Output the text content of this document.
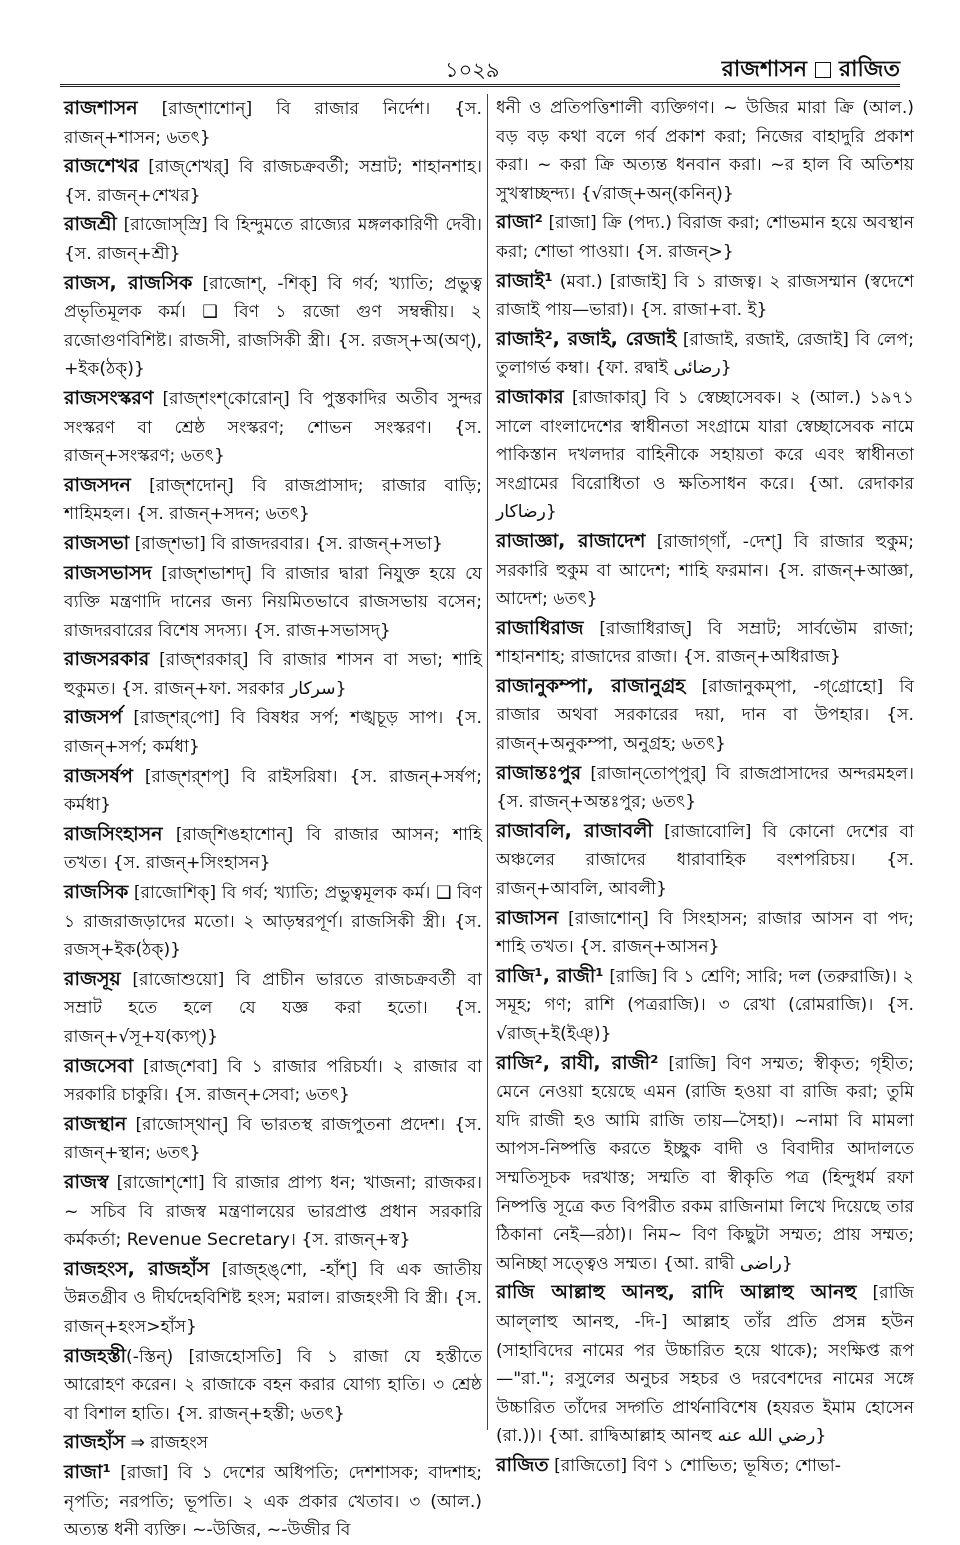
১০২৯	রাজশাসন রাজিত

রাজশাসন [রাজ্‌শাশোন্] বি রাজার নির্দেশ। {স. রাজন্+শাসন; ৬তৎ}

রাজশেখর [রাজ্‌শেখর্] বি রাজচক্রবর্তী; সম্রাট; শাহানশাহ। {স. রাজন্+শেখর}

রাজশ্রী [রাজোস্‌স্রি] বি হিন্দুমতে রাজ্যের মঙ্গলকারিণী দেবী। {স. রাজন্+শ্রী}

রাজস, রাজসিক [রাজোশ্, -শিক্] বি গর্ব; খ্যাতি; প্রভুত্ব প্রভৃতিমূলক কর্ম। ❑ বিণ ১ রজো গুণ সম্বন্ধীয়। ২ রজোগুণবিশিষ্ট। রাজসী, রাজসিকী স্ত্রী। {স. রজস্+অ(অণ্), +ইক(ঠক্)}

রাজসংস্করণ [রাজ্‌শংশ্‌কোরোন্] বি পুস্তকাদির অতীব সুন্দর সংস্করণ বা শ্রেষ্ঠ সংস্করণ; শোভন সংস্করণ। {স. রাজন্+সংস্করণ; ৬তৎ}

রাজসদন [রাজ্‌শদোন্] বি রাজপ্রাসাদ; রাজার বাড়ি; শাহিমহল। {স. রাজন্+সদন; ৬তৎ}

রাজসভা [রাজ্‌শভা] বি রাজদরবার। {স. রাজন্+সভা}

রাজসভাসদ [রাজ্‌শভাশদ্] বি রাজার দ্বারা নিযুক্ত হয়ে যে ব্যক্তি মন্ত্রণাদি দানের জন্য নিয়মিতভাবে রাজসভায় বসেন; রাজদরবারের বিশেষ সদস্য। {স. রাজ+সভাসদ্}

রাজসরকার [রাজ্‌শরকার্] বি রাজার শাসন বা সভা; শাহি হুকুমত। {স. রাজন্+ফা. সরকার سرکار}

রাজসর্প [রাজ্‌শর্‌পো] বি বিষধর সর্প; শঙ্খচূড় সাপ। {স. রাজন্+সর্প; কর্মধা}

রাজসর্ষপ [রাজ্‌শর্‌শপ্] বি রাইসরিষা। {স. রাজন্+সর্ষপ; কর্মধা}

রাজসিংহাসন [রাজ্‌শিঙহাশোন্] বি রাজার আসন; শাহি তখত। {স. রাজন্+সিংহাসন}

রাজসিক [রাজোশিক্] বি গর্ব; খ্যাতি; প্রভুত্বমূলক কর্ম। ❑ বিণ ১ রাজরাজড়াদের মতো। ২ আড়ম্বরপূর্ণ। রাজসিকী স্ত্রী। {স. রজস্+ইক(ঠক্)}

রাজসূয় [রাজোশুয়ো] বি প্রাচীন ভারতে রাজচক্রবর্তী বা সম্রাট হতে হলে যে যজ্ঞ করা হতো। {স. রাজন্+√সূ+য(ক্যপ্)}

রাজসেবা [রাজ্‌শেবা] বি ১ রাজার পরিচর্যা। ২ রাজার বা সরকারি চাকুরি। {স. রাজন্+সেবা; ৬তৎ}

রাজস্থান [রাজোস্‌থান্] বি ভারতস্থ রাজপুতনা প্রদেশ। {স. রাজন্+স্থান; ৬তৎ}

রাজস্ব [রাজোশ্‌শো] বি রাজার প্রাপ্য ধন; খাজনা; রাজকর। ~ সচিব বি রাজস্ব মন্ত্রণালয়ের ভারপ্রাপ্ত প্রধান সরকারি কর্মকর্তা; Revenue Secretary। {স. রাজন্+স্ব}

রাজহংস, রাজহাঁস [রাজ্‌হঙ্‌শো, -হাঁশ্] বি এক জাতীয় উন্নতগ্রীব ও দীর্ঘদেহবিশিষ্ট হংস; মরাল। রাজহংসী বি স্ত্রী। {স. রাজন্+হংস>হাঁস}

রাজহস্তী(-স্তিন্) [রাজহোসতি] বি ১ রাজা যে হস্তীতে আরোহণ করেন। ২ রাজাকে বহন করার যোগ্য হাতি। ৩ শ্রেষ্ঠ বা বিশাল হাতি। {স. রাজন্+হস্তী; ৬তৎ}

রাজহাঁস ⇒ রাজহংস

রাজা¹ [রাজা] বি ১ দেশের অধিপতি; দেশশাসক; বাদশাহ; নৃপতি; নরপতি; ভূপতি। ২ এক প্রকার খেতাব। ৩ (আল.) অত্যন্ত ধনী ব্যক্তি। ~-উজির, ~-উজীর বি

ধনী ও প্রতিপত্তিশালী ব্যক্তিগণ। ~ উজির মারা ক্রি (আল.) বড় বড় কথা বলে গর্ব প্রকাশ করা; নিজের বাহাদুরি প্রকাশ করা। ~ করা ক্রি অত্যন্ত ধনবান করা। ~র হাল বি অতিশয় সুখস্বাচ্ছন্দ্য। {√রাজ্+অন্(কনিন্)}

রাজা² [রাজা] ক্রি (পদ্য.) বিরাজ করা; শোভমান হয়ে অবস্থান করা; শোভা পাওয়া। {স. রাজন্>}

রাজাই¹ (মবা.) [রাজাই] বি ১ রাজত্ব। ২ রাজসম্মান (স্বদেশে রাজাই পায়—ভারা)। {স. রাজা+বা. ই}

রাজাই², রজাই, রেজাই [রাজাই, রজাই, রেজাই] বি লেপ; তুলাগর্ভ কম্বা। {ফা. রদ্বাই رضائی}

রাজাকার [রাজাকার্] বি ১ স্বেচ্ছাসেবক। ২ (আল.) ১৯৭১ সালে বাংলাদেশের স্বাধীনতা সংগ্রামে যারা স্বেচ্ছাসেবক নামে পাকিস্তান দখলদার বাহিনীকে সহায়তা করে এবং স্বাধীনতা সংগ্রামের বিরোধিতা ও ক্ষতিসাধন করে। {আ. রেদাকার رضاکار}

রাজাজ্ঞা, রাজাদেশ [রাজাগ্‌গাঁ, -দেশ্] বি রাজার হুকুম; সরকারি হুকুম বা আদেশ; শাহি ফরমান। {স. রাজন্+আজ্ঞা, আদেশ; ৬তৎ}

রাজাধিরাজ [রাজাধিরাজ্] বি সম্রাট; সার্বভৌম রাজা; শাহানশাহ; রাজাদের রাজা। {স. রাজন্+অধিরাজ}

রাজানুকম্পা, রাজানুগ্রহ [রাজানুকম্‌পা, -গ্‌গ্রোহো] বি রাজার অথবা সরকারের দয়া, দান বা উপহার। {স. রাজন্+অনুকম্পা, অনুগ্রহ; ৬তৎ}

রাজান্তঃপুর [রাজান্‌তোপ্‌পুর্] বি রাজপ্রাসাদের অন্দরমহল। {স. রাজন্+অন্তঃপুর; ৬তৎ}

রাজাবলি, রাজাবলী [রাজাবোলি] বি কোনো দেশের বা অঞ্চলের রাজাদের ধারাবাহিক বংশপরিচয়। {স. রাজন্+আবলি, আবলী}

রাজাসন [রাজাশোন্] বি সিংহাসন; রাজার আসন বা পদ; শাহি তখত। {স. রাজন্+আসন}

রাজি¹, রাজী¹ [রাজি] বি ১ শ্রেণি; সারি; দল (তরুরাজি)। ২ সমূহ; গণ; রাশি (পত্ররাজি)। ৩ রেখা (রোমরাজি)। {স. √রাজ্+ই(ইঞ্)}

রাজি², রাযী, রাজী² [রাজি] বিণ সম্মত; স্বীকৃত; গৃহীত; মেনে নেওয়া হয়েছে এমন (রাজি হওয়া বা রাজি করা; তুমি যদি রাজী হও আমি রাজি তায়—সৈহা)। ~নামা বি মামলা আপস-নিষ্পত্তি করতে ইচ্ছুক বাদী ও বিবাদীর আদালতে সম্মতিসূচক দরখাস্ত; সম্মতি বা স্বীকৃতি পত্র (হিন্দুধর্ম রফা নিষ্পত্তি সূত্রে কত বিপরীত রকম রাজিনামা লিখে দিয়েছে তার ঠিকানা নেই—রঠা)। নিম~ বিণ কিছুটা সম্মত; প্রায় সম্মত; অনিচ্ছা সত্ত্বেও সম্মত। {আ. রাদ্বী راضی}

রাজি আল্লাহু আনহু, রাদি আল্লাহু আনহু [রাজি আল্‌লাহু আনহু, -দি-] আল্লাহ তাঁর প্রতি প্রসন্ন হউন (সাহাবিদের নামের পর উচ্চারিত হয়ে থাকে); সংক্ষিপ্ত রূপ—"রা."; রসুলের অনুচর সহচর ও দরবেশদের নামের সঙ্গে উচ্চারিত তাঁদের সদ্গতি প্রার্থনাবিশেষ (হযরত ইমাম হোসেন (রা.))। {আ. রাদ্বিআল্লাহ আনহু رضي الله عنه}

রাজিত [রাজিতো] বিণ ১ শোভিত; ভূষিত; শোভা-
